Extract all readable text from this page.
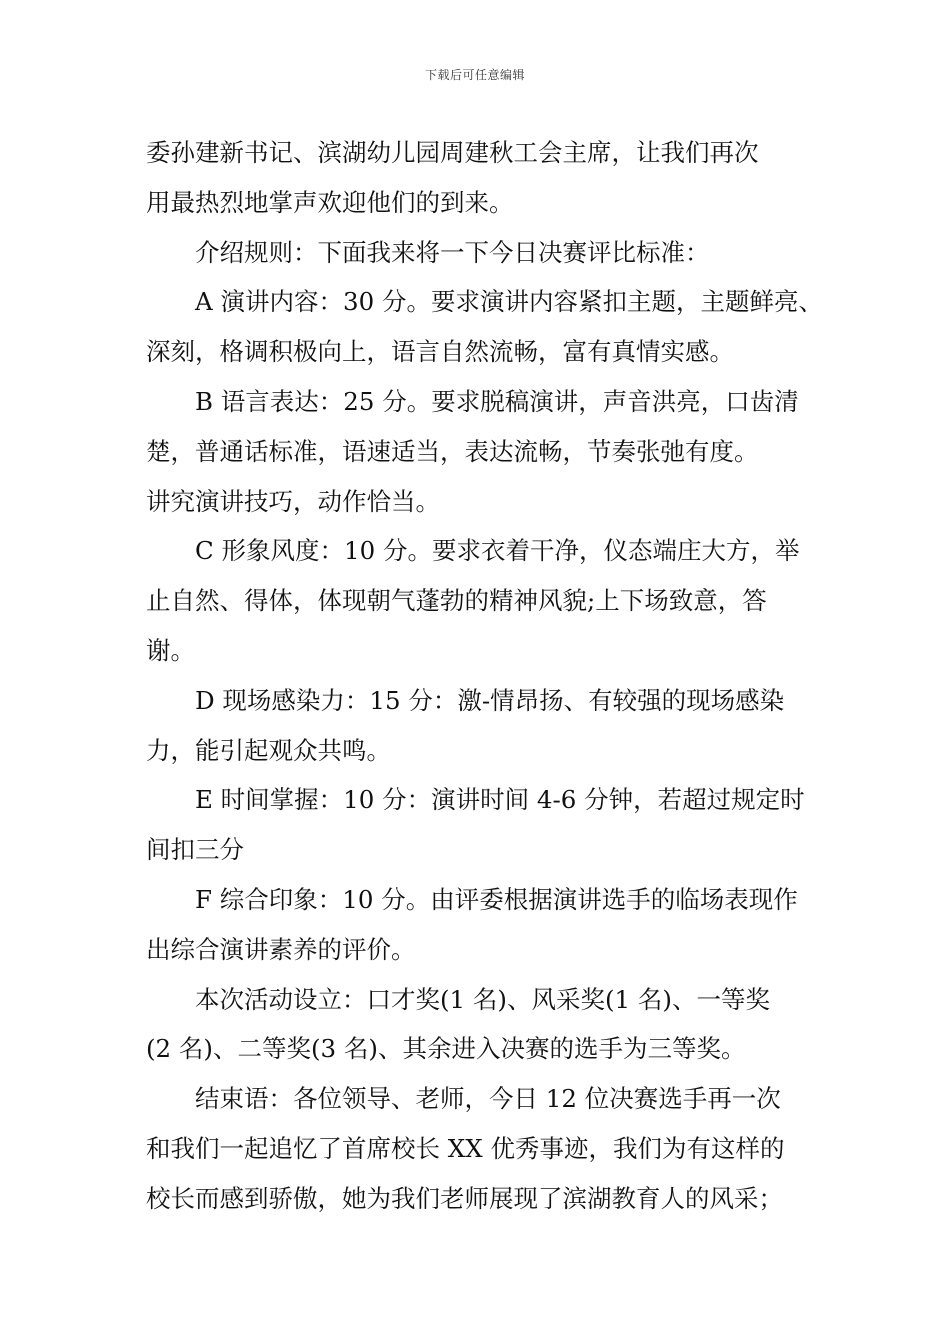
下载后可任意编辑
委孙建新书记、滨湖幼儿园周建秋工会主席，让我们再次
用最热烈地掌声欢迎他们的到来。
介绍规则：下面我来将一下今日决赛评比标准：
A 演讲内容：30 分。要求演讲内容紧扣主题，主题鲜亮、
深刻，格调积极向上，语言自然流畅，富有真情实感。
B 语言表达：25 分。要求脱稿演讲，声音洪亮，口齿清
楚，普通话标准，语速适当，表达流畅，节奏张弛有度。
讲究演讲技巧，动作恰当。
C 形象风度：10 分。要求衣着干净，仪态端庄大方，举
止自然、得体，体现朝气蓬勃的精神风貌;上下场致意，答
谢。
D 现场感染力：15 分：激-情昂扬、有较强的现场感染
力，能引起观众共鸣。
E 时间掌握：10 分：演讲时间 4-6 分钟，若超过规定时
间扣三分
F 综合印象：10 分。由评委根据演讲选手的临场表现作
出综合演讲素养的评价。
本次活动设立：口才奖(1 名)、风采奖(1 名)、一等奖
(2 名)、二等奖(3 名)、其余进入决赛的选手为三等奖。
结束语：各位领导、老师，今日 12 位决赛选手再一次
和我们一起追忆了首席校长 XX 优秀事迹，我们为有这样的
校长而感到骄傲，她为我们老师展现了滨湖教育人的风采；
